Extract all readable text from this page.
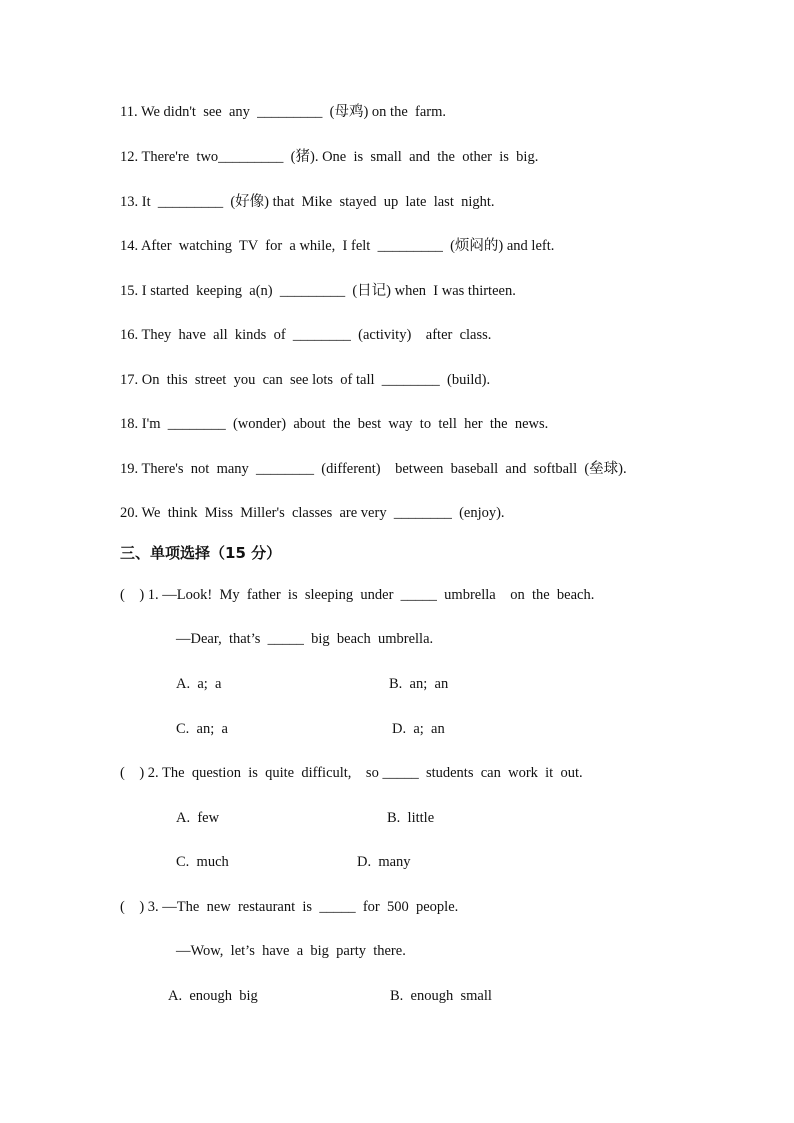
11. We didn't  see  any  _________  (母鸡) on the  farm.
12. There're  two_________  (猪). One  is  small  and  the  other  is  big.
13. It  _________  (好像) that  Mike  stayed  up  late  last  night.
14. After  watching  TV  for  a while,  I felt  _________  (烦闷的) and left.
15. I started  keeping  a(n)  _________  (日记) when  I was thirteen.
16. They  have  all  kinds  of  ________  (activity)    after  class.
17. On  this  street  you  can  see lots  of tall  ________  (build).
18. I'm  ________  (wonder)  about  the  best  way  to  tell  her  the  news.
19. There's  not  many  ________  (different)    between  baseball  and  softball  (垒球).
20. We  think  Miss  Miller's  classes  are very  ________  (enjoy).
三、单项选择（15 分）
(    ) 1. —Look!  My  father  is  sleeping  under  _____  umbrella    on  the  beach.
—Dear,  that’s  _____  big  beach  umbrella.
A.  a;  a	B.  an;  an
C.  an;  a	D.  a;  an
(    ) 2. The  question  is  quite  difficult,    so _____  students  can  work  it  out.
A.  few	B.  little
C.  much	D.  many
(    ) 3. —The  new  restaurant  is  _____  for  500  people.
—Wow,  let’s  have  a  big  party  there.
A.  enough  big	B.  enough  small
